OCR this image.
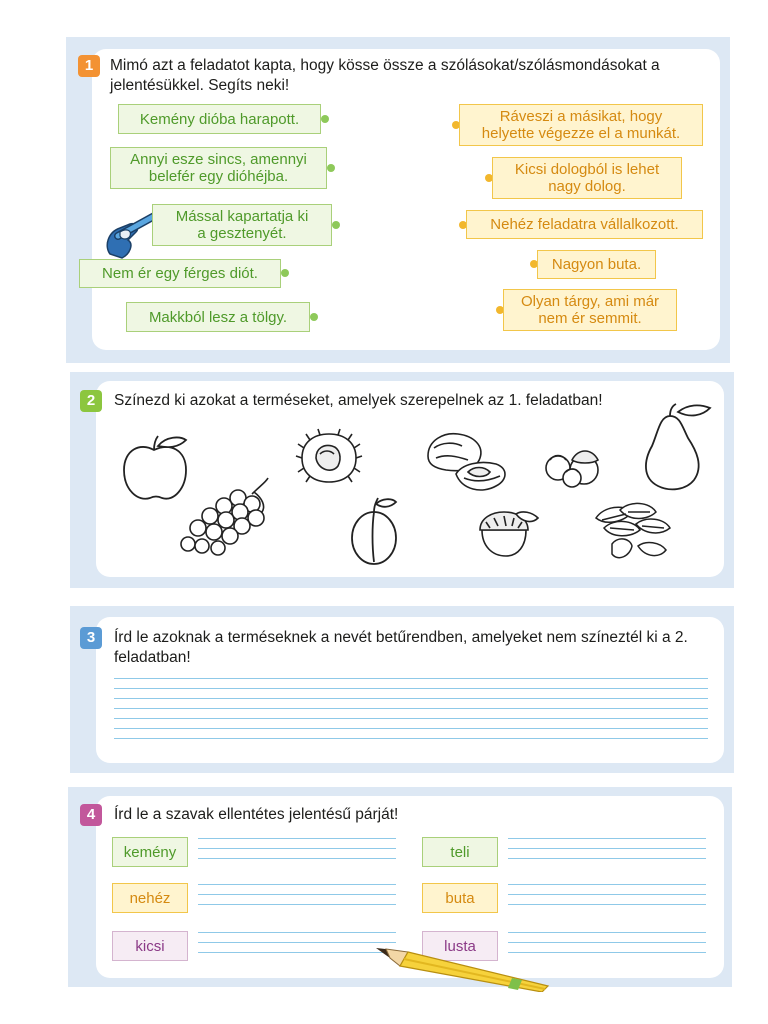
1	Mimó azt a feladatot kapta, hogy kösse össze a szólásokat/szólásmondásokat a jelentésükkel. Segíts neki!
Kemény dióba harapott.
Annyi esze sincs, amennyi
belefér egy dióhéjba.
Mással kapartatja ki
a gesztenyét.
Nem ér egy férges diót.
Makkból lesz a tölgy.
Ráveszi a másikat, hogy
helyette végezze el a munkát.
Kicsi dologból is lehet
nagy dolog.
Nehéz feladatra vállalkozott.
Nagyon buta.
Olyan tárgy, ami már
nem ér semmit.
2	Színezd ki azokat a terméseket, amelyek szerepelnek az 1. feladatban!
3	Írd le azoknak a terméseknek a nevét betűrendben, amelyeket nem színeztél ki a 2. feladatban!
4	Írd le a szavak ellentétes jelentésű párját!
kemény	teli
nehéz	buta
kicsi	lusta
